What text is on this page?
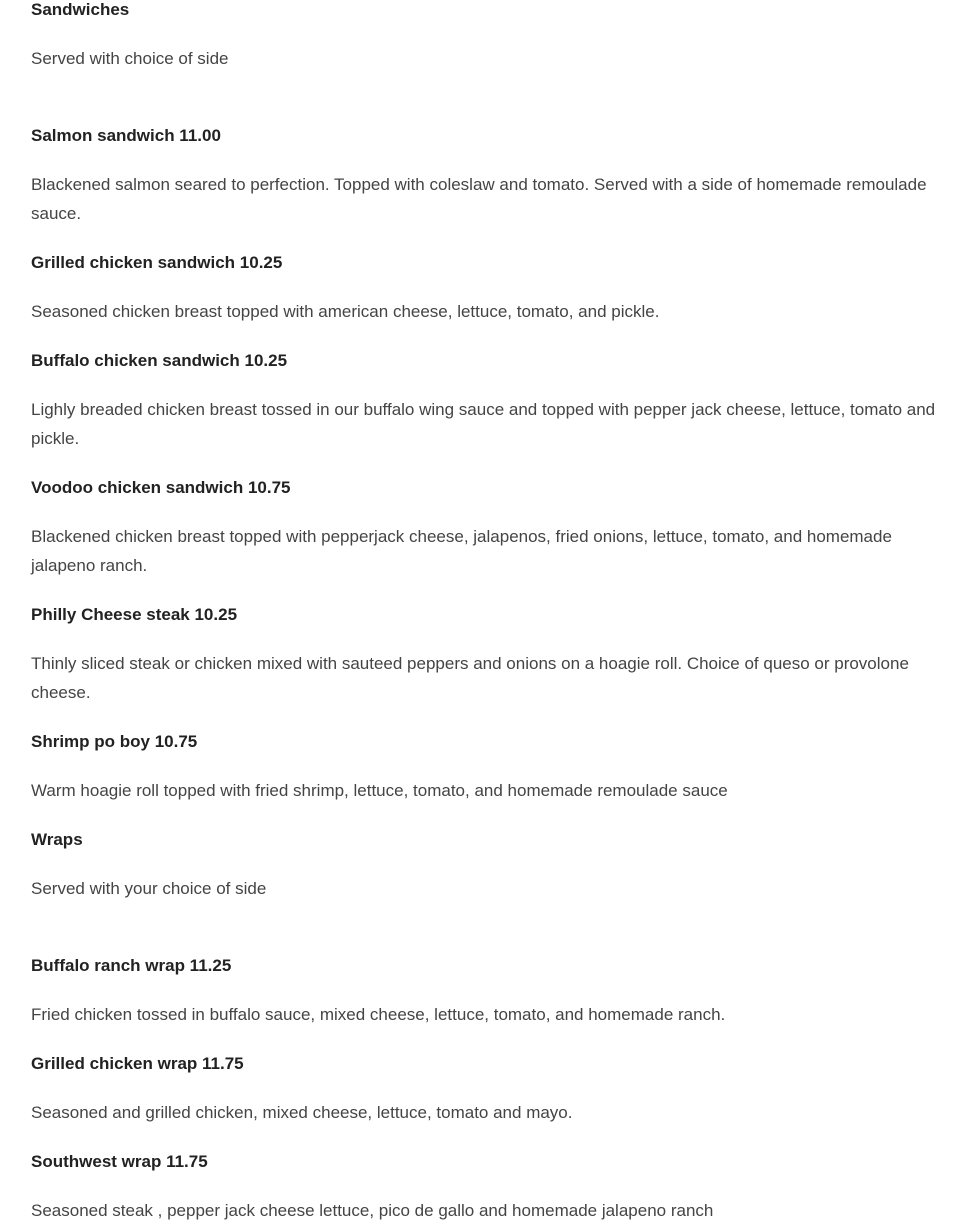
Sandwiches

Served with choice of side

Salmon sandwich 11.00

Blackened salmon seared to perfection. Topped with coleslaw and tomato. Served with a side of homemade remoulade sauce.

Grilled chicken sandwich 10.25

Seasoned chicken breast topped with american cheese, lettuce, tomato, and pickle.

Buffalo chicken sandwich 10.25

Lighly breaded chicken breast tossed in our buffalo wing sauce and topped with pepper jack cheese, lettuce, tomato and pickle.

Voodoo chicken sandwich 10.75

Blackened chicken breast topped with pepperjack cheese, jalapenos, fried onions, lettuce, tomato, and homemade jalapeno ranch.

Philly Cheese steak 10.25

Thinly sliced steak or chicken mixed with sauteed peppers and onions on a hoagie roll. Choice of queso or provolone cheese.

Shrimp po boy 10.75

Warm hoagie roll topped with fried shrimp, lettuce, tomato, and homemade remoulade sauce

Wraps

Served with your choice of side

Buffalo ranch wrap 11.25

Fried chicken tossed in buffalo sauce, mixed cheese, lettuce, tomato, and homemade ranch.

Grilled chicken wrap 11.75

Seasoned and grilled chicken, mixed cheese, lettuce, tomato and mayo.

Southwest wrap 11.75

Seasoned steak , pepper jack cheese lettuce, pico de gallo and homemade jalapeno ranch
